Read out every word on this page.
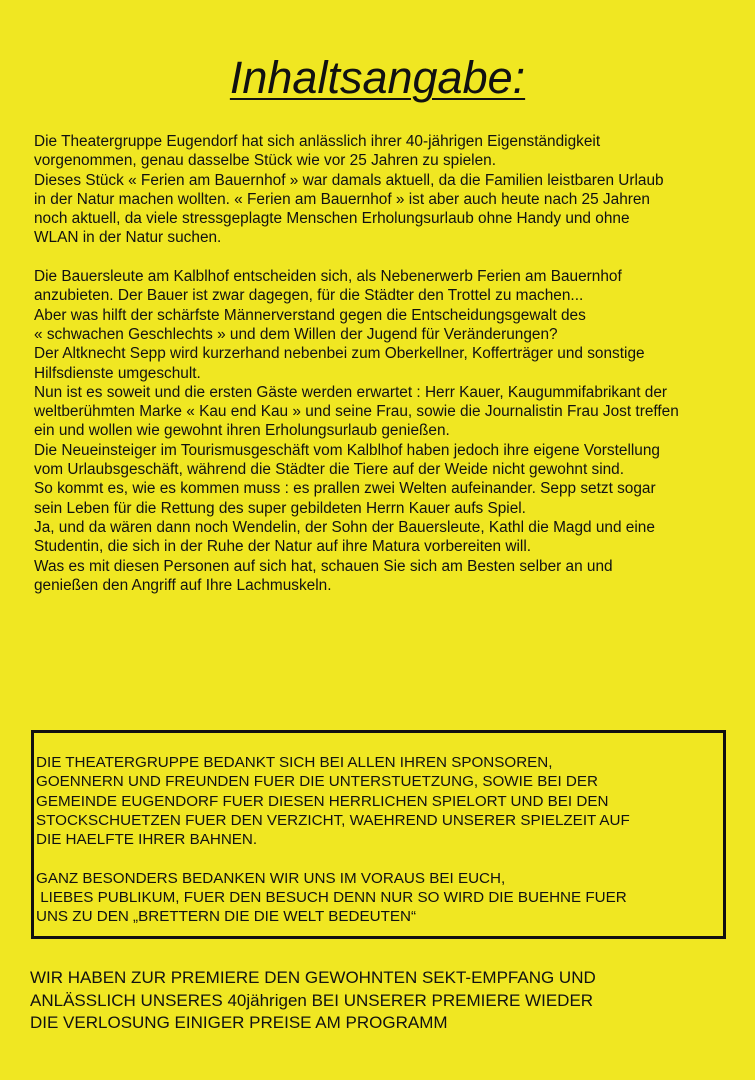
Inhaltsangabe:
Die Theatergruppe Eugendorf hat sich anlässlich ihrer 40-jährigen Eigenständigkeit
vorgenommen, genau dasselbe Stück wie vor 25 Jahren zu spielen.
Dieses Stück « Ferien am Bauernhof » war damals aktuell, da die Familien leistbaren Urlaub
in der Natur machen wollten. « Ferien am Bauernhof » ist aber auch heute nach 25 Jahren
noch aktuell, da viele stressgeplagte Menschen Erholungsurlaub ohne Handy und ohne
WLAN in der Natur suchen.
Die Bauersleute am Kalblhof entscheiden sich, als Nebenerwerb Ferien am Bauernhof
anzubieten. Der Bauer ist zwar dagegen, für die Städter den Trottel zu machen...
Aber was hilft der schärfste Männerverstand gegen die Entscheidungsgewalt des
« schwachen Geschlechts » und dem Willen der Jugend für Veränderungen?
Der Altknecht Sepp wird kurzerhand nebenbei zum Oberkellner, Kofferträger und sonstige
Hilfsdienste umgeschult.
Nun ist es soweit und die ersten Gäste werden erwartet : Herr Kauer, Kaugummifabrikant der
weltberühmten Marke « Kau end Kau » und seine Frau, sowie die Journalistin Frau Jost treffen
ein und wollen wie gewohnt ihren Erholungsurlaub genießen.
Die Neueinsteiger im Tourismusgeschäft vom Kalblhof haben jedoch ihre eigene Vorstellung
vom Urlaubsgeschäft, während die Städter die Tiere auf der Weide nicht gewohnt sind.
So kommt es, wie es kommen muss : es prallen zwei Welten aufeinander. Sepp setzt sogar
sein Leben für die Rettung des super gebildeten Herrn Kauer aufs Spiel.
Ja, und da wären dann noch Wendelin, der Sohn der Bauersleute, Kathl die Magd und eine
Studentin, die sich in der Ruhe der Natur auf ihre Matura vorbereiten will.
Was es mit diesen Personen auf sich hat, schauen Sie sich am Besten selber an und
genießen den Angriff auf Ihre Lachmuskeln.
DIE THEATERGRUPPE BEDANKT SICH BEI ALLEN IHREN SPONSOREN,
GOENNERN UND FREUNDEN FUER DIE UNTERSTUETZUNG, SOWIE BEI DER
GEMEINDE EUGENDORF FUER DIESEN HERRLICHEN SPIELORT UND BEI DEN
STOCKSCHUETZEN FUER DEN VERZICHT, WAEHREND UNSERER SPIELZEIT AUF
DIE HAELFTE IHRER BAHNEN.
GANZ BESONDERS BEDANKEN WIR UNS IM VORAUS BEI EUCH,
LIEBES PUBLIKUM, FUER DEN BESUCH DENN NUR SO WIRD DIE BUEHNE FUER
UNS ZU DEN „BRETTERN DIE DIE WELT BEDEUTEN“
WIR HABEN ZUR PREMIERE DEN GEWOHNTEN SEKT-EMPFANG UND
ANLÄSSLICH UNSERES 40jährigen BEI UNSERER PREMIERE WIEDER
DIE VERLOSUNG EINIGER PREISE AM PROGRAMM
